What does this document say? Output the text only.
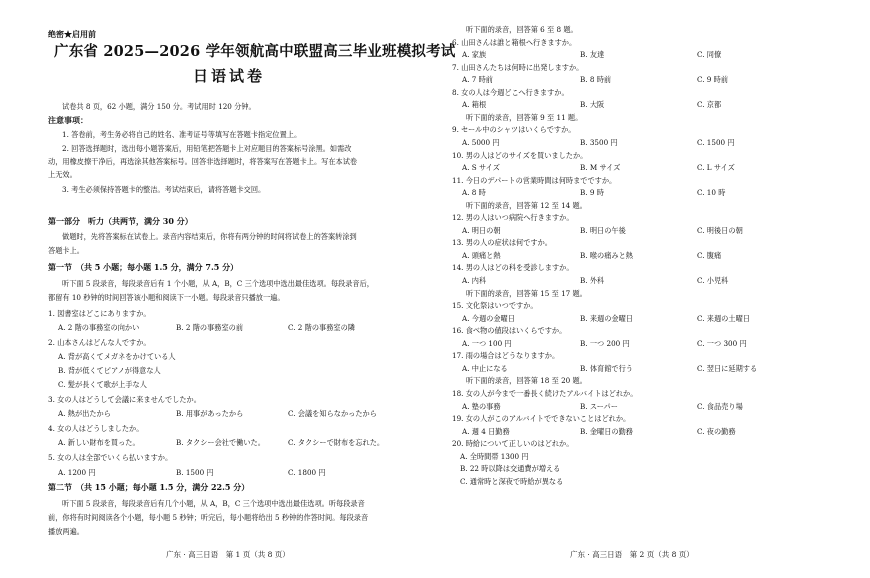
绝密★启用前
广东省 2025—2026 学年领航高中联盟高三毕业班模拟考试
日语试卷
试卷共 8 页，62 小题，满分 150 分。考试用时 120 分钟。
注意事项：
1. 答卷前，考生务必将自己的姓名、准考证号等填写在答题卡指定位置上。
2. 回答选择题时，选出每小题答案后，用铅笔把答题卡上对应题目的答案标号涂黑。如需改
动，用橡皮擦干净后，再选涂其他答案标号。回答非选择题时，将答案写在答题卡上。写在本试卷
上无效。
3. 考生必须保持答题卡的整洁。考试结束后，请将答题卡交回。
第一部分　听力（共两节，满分 30 分）
做题时，先将答案标在试卷上。录音内容结束后，你将有两分钟的时间将试卷上的答案转涂到
答题卡上。
第一节　（共 5 小题；每小题 1.5 分，满分 7.5 分）
听下面 5 段录音，每段录音后有 1 个小题，从 A，B，C 三个选项中选出最佳选项。每段录音后，
都留有 10 秒钟的时间回答该小题和阅读下一小题。每段录音只播放一遍。
1. 図書室はどこにありますか。
A. 2 階の事務室の向かい	B. 2 階の事務室の前	C. 2 階の事務室の隣
2. 山本さんはどんな人ですか。
A. 背が高くてメガネをかけている人
B. 背が低くてピアノが得意な人
C. 髪が長くて歌が上手な人
3. 女の人はどうして会議に来ませんでしたか。
A. 熱が出たから	B. 用事があったから	C. 会議を知らなかったから
4. 女の人はどうしましたか。
A. 新しい財布を買った。	B. タクシー会社で働いた。	C. タクシーで財布を忘れた。
5. 女の人は全部でいくら払いますか。
A. 1200 円	B. 1500 円	C. 1800 円
第二节　（共 15 小题；每小题 1.5 分，满分 22.5 分）
听下面 5 段录音，每段录音后有几个小题，从 A，B，C 三个选项中选出最佳选项。听每段录音
前，你将有时间阅读各个小题，每小题 5 秒钟；听完后，每小题将给出 5 秒钟的作答时间。每段录音
播放两遍。
广东 · 高三日语　第 1 页（共 8 页）	广东 · 高三日语　第 2 页（共 8 页）
听下面的录音，回答第 6 至 8 题。
6. 山田さんは誰と箱根へ行きますか。
A. 家族	B. 友達	C. 同僚
7. 山田さんたちは何時に出発しますか。
A. 7 時前	B. 8 時前	C. 9 時前
8. 女の人は今週どこへ行きますか。
A. 箱根	B. 大阪	C. 京都
听下面的录音，回答第 9 至 11 题。
9. セール中のシャツはいくらですか。
A. 5000 円	B. 3500 円	C. 1500 円
10. 男の人はどのサイズを買いましたか。
A. S サイズ	B. M サイズ	C. L サイズ
11. 今日のデパートの営業時間は何時までですか。
A. 8 時	B. 9 時	C. 10 時
听下面的录音，回答第 12 至 14 题。
12. 男の人はいつ病院へ行きますか。
A. 明日の朝	B. 明日の午後	C. 明後日の朝
13. 男の人の症状は何ですか。
A. 頭痛と熱	B. 喉の痛みと熱	C. 腹痛
14. 男の人はどの科を受診しますか。
A. 内科	B. 外科	C. 小児科
听下面的录音，回答第 15 至 17 题。
15. 文化祭はいつですか。
A. 今週の金曜日	B. 来週の金曜日	C. 来週の土曜日
16. 食べ物の値段はいくらですか。
A. 一つ 100 円	B. 一つ 200 円	C. 一つ 300 円
17. 雨の場合はどうなりますか。
A. 中止になる	B. 体育館で行う	C. 翌日に延期する
听下面的录音，回答第 18 至 20 题。
18. 女の人が今まで一番長く続けたアルバイトはどれか。
A. 塾の事務	B. スーパー	C. 食品売り場
19. 女の人がこのアルバイトでできないことはどれか。
A. 週 4 日勤務	B. 金曜日の勤務	C. 夜の勤務
20. 時給について正しいのはどれか。
A. 全時間帯 1300 円
B. 22 時以降は交通費が増える
C. 通常時と深夜で時給が異なる
